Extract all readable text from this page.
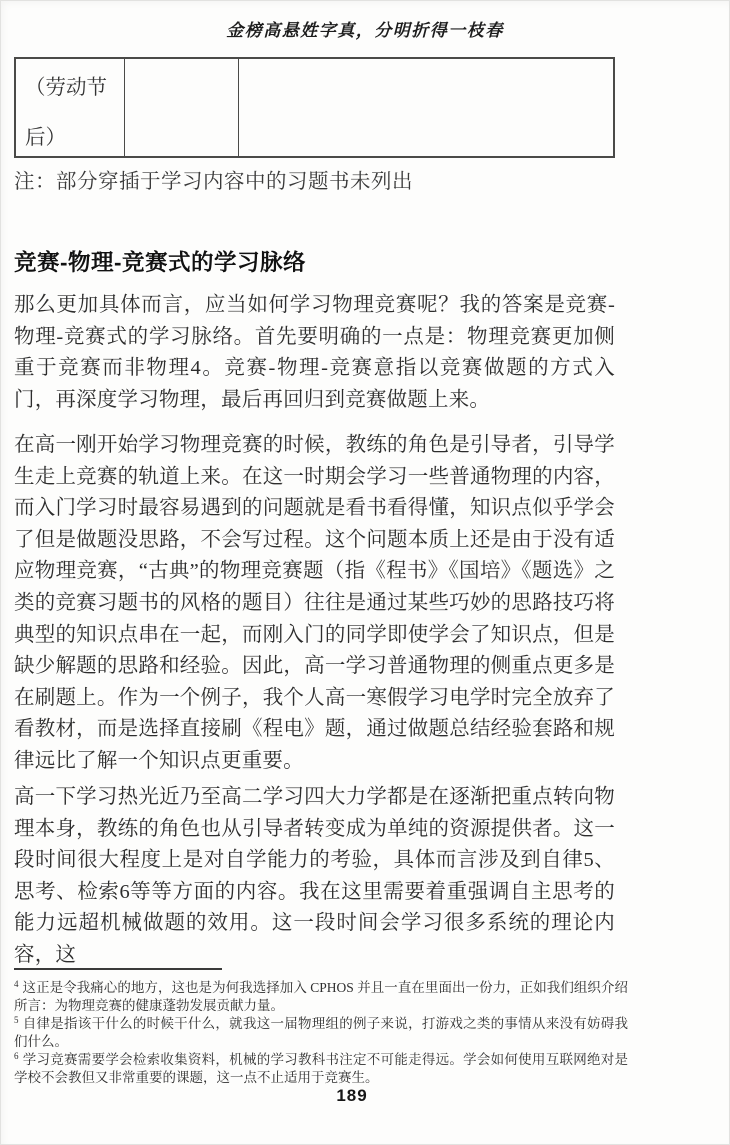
金榜高悬姓字真，分明折得一枝春
（劳动节
后）
注：部分穿插于学习内容中的习题书未列出
竞赛-物理-竞赛式的学习脉络

那么更加具体而言，应当如何学习物理竞赛呢？我的答案是竞赛-物理-竞赛式的学习脉络。首先要明确的一点是：物理竞赛更加侧重于竞赛而非物理4。竞赛-物理-竞赛意指以竞赛做题的方式入门，再深度学习物理，最后再回归到竞赛做题上来。

在高一刚开始学习物理竞赛的时候，教练的角色是引导者，引导学生走上竞赛的轨道上来。在这一时期会学习一些普通物理的内容，而入门学习时最容易遇到的问题就是看书看得懂，知识点似乎学会了但是做题没思路，不会写过程。这个问题本质上还是由于没有适应物理竞赛，“古典”的物理竞赛题（指《程书》《国培》《题选》之类的竞赛习题书的风格的题目）往往是通过某些巧妙的思路技巧将典型的知识点串在一起，而刚入门的同学即使学会了知识点，但是缺少解题的思路和经验。因此，高一学习普通物理的侧重点更多是在刷题上。作为一个例子，我个人高一寒假学习电学时完全放弃了看教材，而是选择直接刷《程电》题，通过做题总结经验套路和规律远比了解一个知识点更重要。

高一下学习热光近乃至高二学习四大力学都是在逐渐把重点转向物理本身，教练的角色也从引导者转变成为单纯的资源提供者。这一段时间很大程度上是对自学能力的考验，具体而言涉及到自律5、思考、检索6等等方面的内容。我在这里需要着重强调自主思考的能力远超机械做题的效用。这一段时间会学习很多系统的理论内容，这

$^4$ 这正是令我痛心的地方，这也是为何我选择加入 CPHOS 并且一直在里面出一份力，正如我们组织介绍所言：为物理竞赛的健康蓬勃发展贡献力量。
$^5$ 自律是指该干什么的时候干什么，就我这一届物理组的例子来说，打游戏之类的事情从来没有妨碍我们什么。
$^6$ 学习竞赛需要学会检索收集资料，机械的学习教科书注定不可能走得远。学会如何使用互联网绝对是学校不会教但又非常重要的课题，这一点不止适用于竞赛生。
189
